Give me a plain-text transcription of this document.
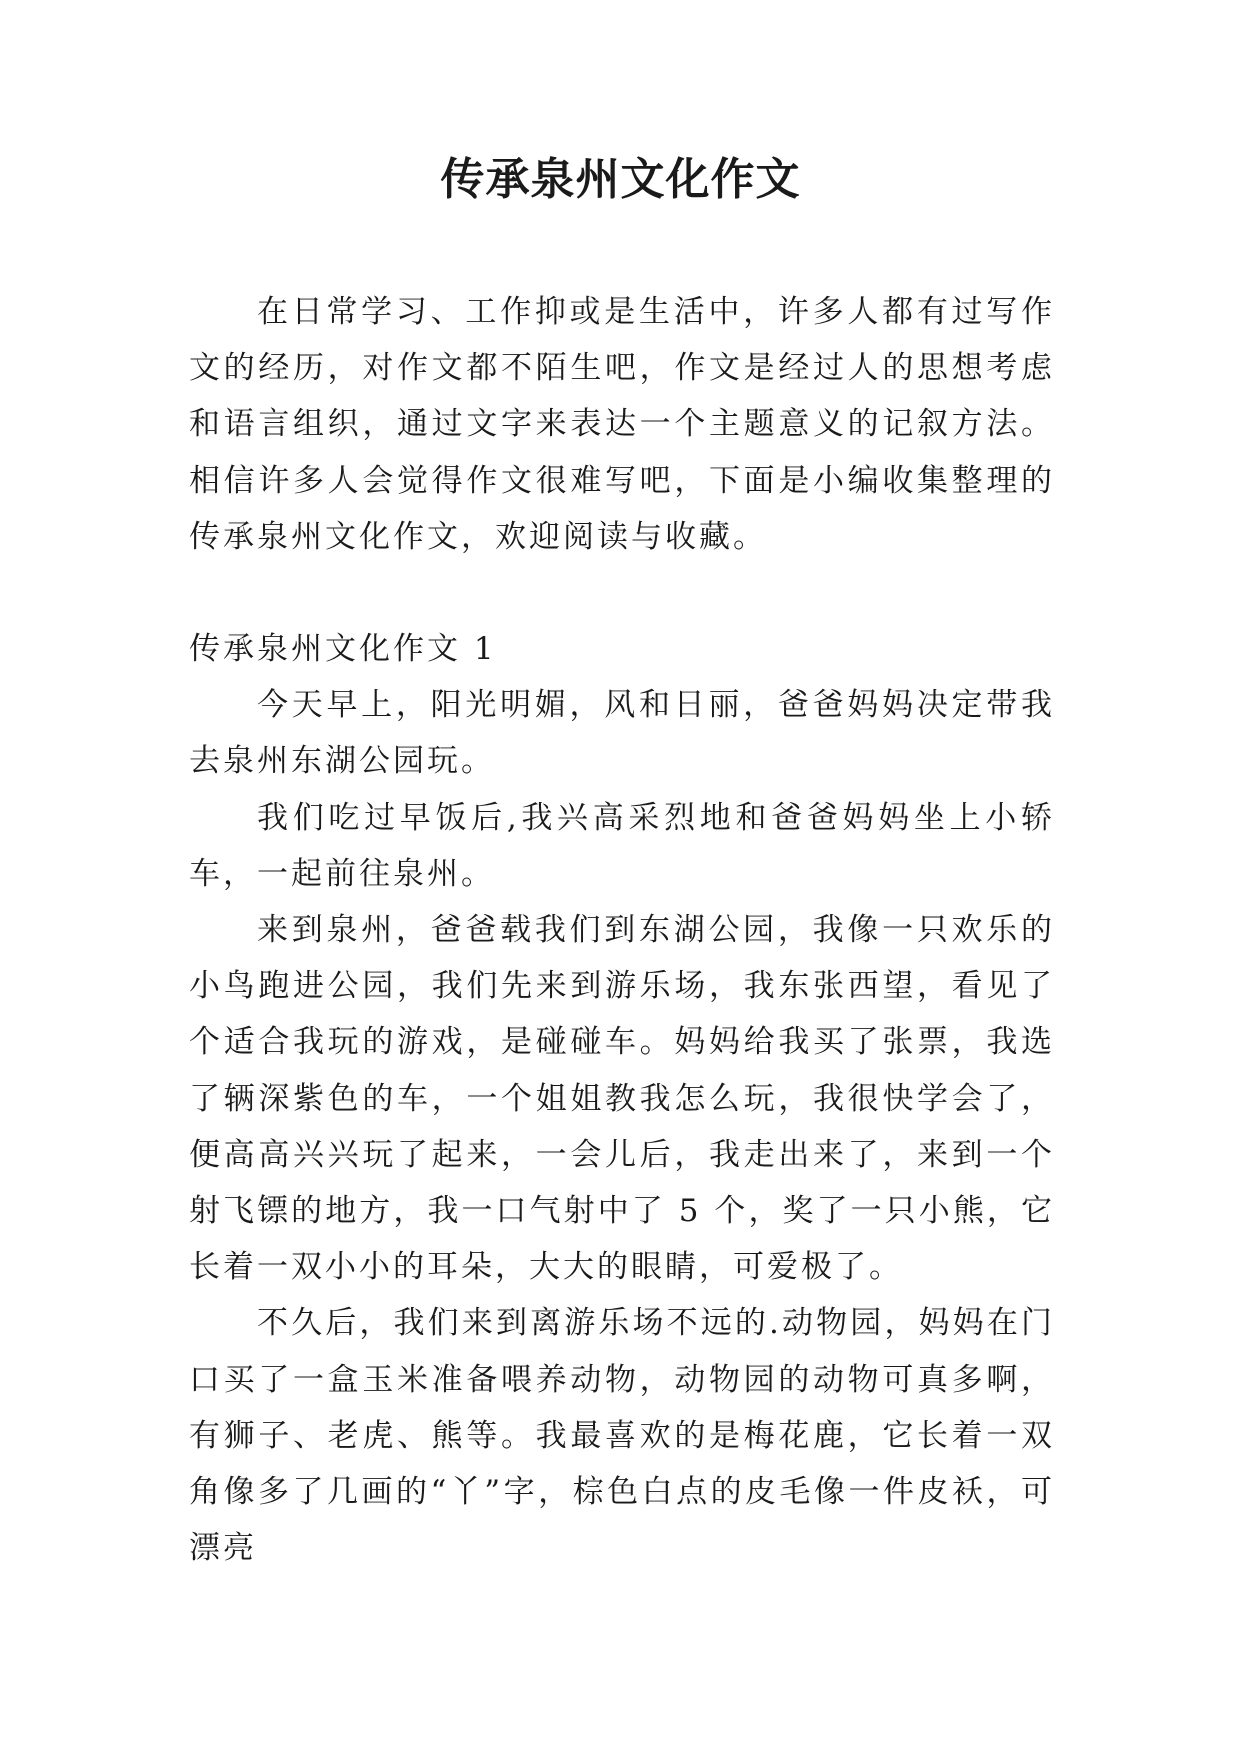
传承泉州文化作文

在日常学习、工作抑或是生活中，许多人都有过写作文的经历，对作文都不陌生吧，作文是经过人的思想考虑和语言组织，通过文字来表达一个主题意义的记叙方法。相信许多人会觉得作文很难写吧，下面是小编收集整理的传承泉州文化作文，欢迎阅读与收藏。

传承泉州文化作文 1

今天早上，阳光明媚，风和日丽，爸爸妈妈决定带我去泉州东湖公园玩。

我们吃过早饭后,我兴高采烈地和爸爸妈妈坐上小轿车，一起前往泉州。

来到泉州，爸爸载我们到东湖公园，我像一只欢乐的小鸟跑进公园，我们先来到游乐场，我东张西望，看见了个适合我玩的游戏，是碰碰车。妈妈给我买了张票，我选了辆深紫色的车，一个姐姐教我怎么玩，我很快学会了，便高高兴兴玩了起来，一会儿后，我走出来了，来到一个射飞镖的地方，我一口气射中了 5 个，奖了一只小熊，它长着一双小小的耳朵，大大的眼睛，可爱极了。

不久后，我们来到离游乐场不远的.动物园，妈妈在门口买了一盒玉米准备喂养动物，动物园的动物可真多啊，有狮子、老虎、熊等。我最喜欢的是梅花鹿，它长着一双角像多了几画的“丫”字，棕色白点的皮毛像一件皮袄，可漂亮
